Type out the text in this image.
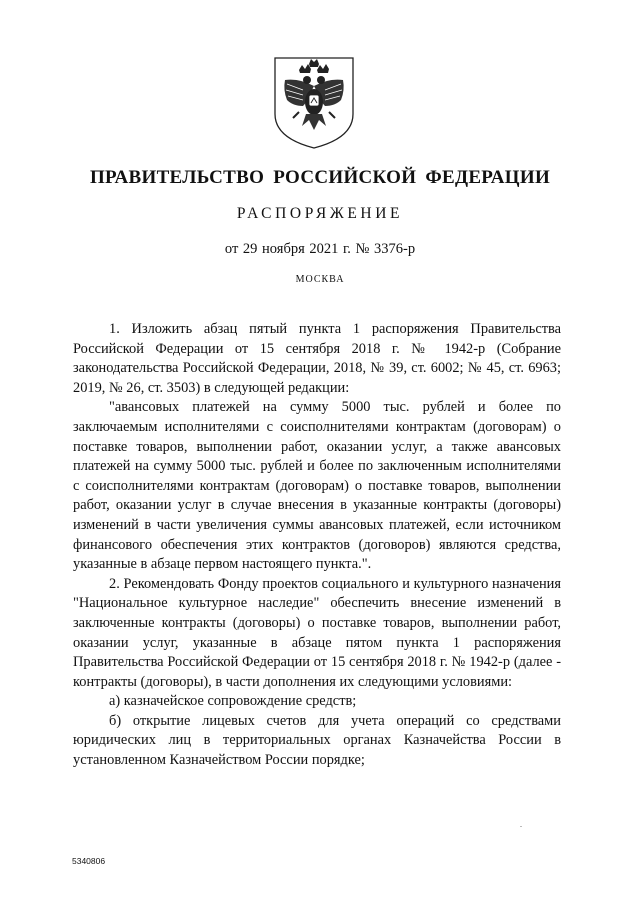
ПРАВИТЕЛЬСТВО РОССИЙСКОЙ ФЕДЕРАЦИИ
РАСПОРЯЖЕНИЕ
от 29 ноября 2021 г. № 3376-р
МОСКВА

1. Изложить абзац пятый пункта 1 распоряжения Правительства Российской Федерации от 15 сентября 2018 г. № 1942-р (Собрание законодательства Российской Федерации, 2018, № 39, ст. 6002; № 45, ст. 6963; 2019, № 26, ст. 3503) в следующей редакции:

"авансовых платежей на сумму 5000 тыс. рублей и более по заключаемым исполнителями с соисполнителями контрактам (договорам) о поставке товаров, выполнении работ, оказании услуг, а также авансовых платежей на сумму 5000 тыс. рублей и более по заключенным исполнителями с соисполнителями контрактам (договорам) о поставке товаров, выполнении работ, оказании услуг в случае внесения в указанные контракты (договоры) изменений в части увеличения суммы авансовых платежей, если источником финансового обеспечения этих контрактов (договоров) являются средства, указанные в абзаце первом настоящего пункта.".

2. Рекомендовать Фонду проектов социального и культурного назначения "Национальное культурное наследие" обеспечить внесение изменений в заключенные контракты (договоры) о поставке товаров, выполнении работ, оказании услуг, указанные в абзаце пятом пункта 1 распоряжения Правительства Российской Федерации от 15 сентября 2018 г. № 1942-р (далее - контракты (договоры), в части дополнения их следующими условиями:

а) казначейское сопровождение средств;

б) открытие лицевых счетов для учета операций со средствами юридических лиц в территориальных органах Казначейства России в установленном Казначейством России порядке;

5340806
